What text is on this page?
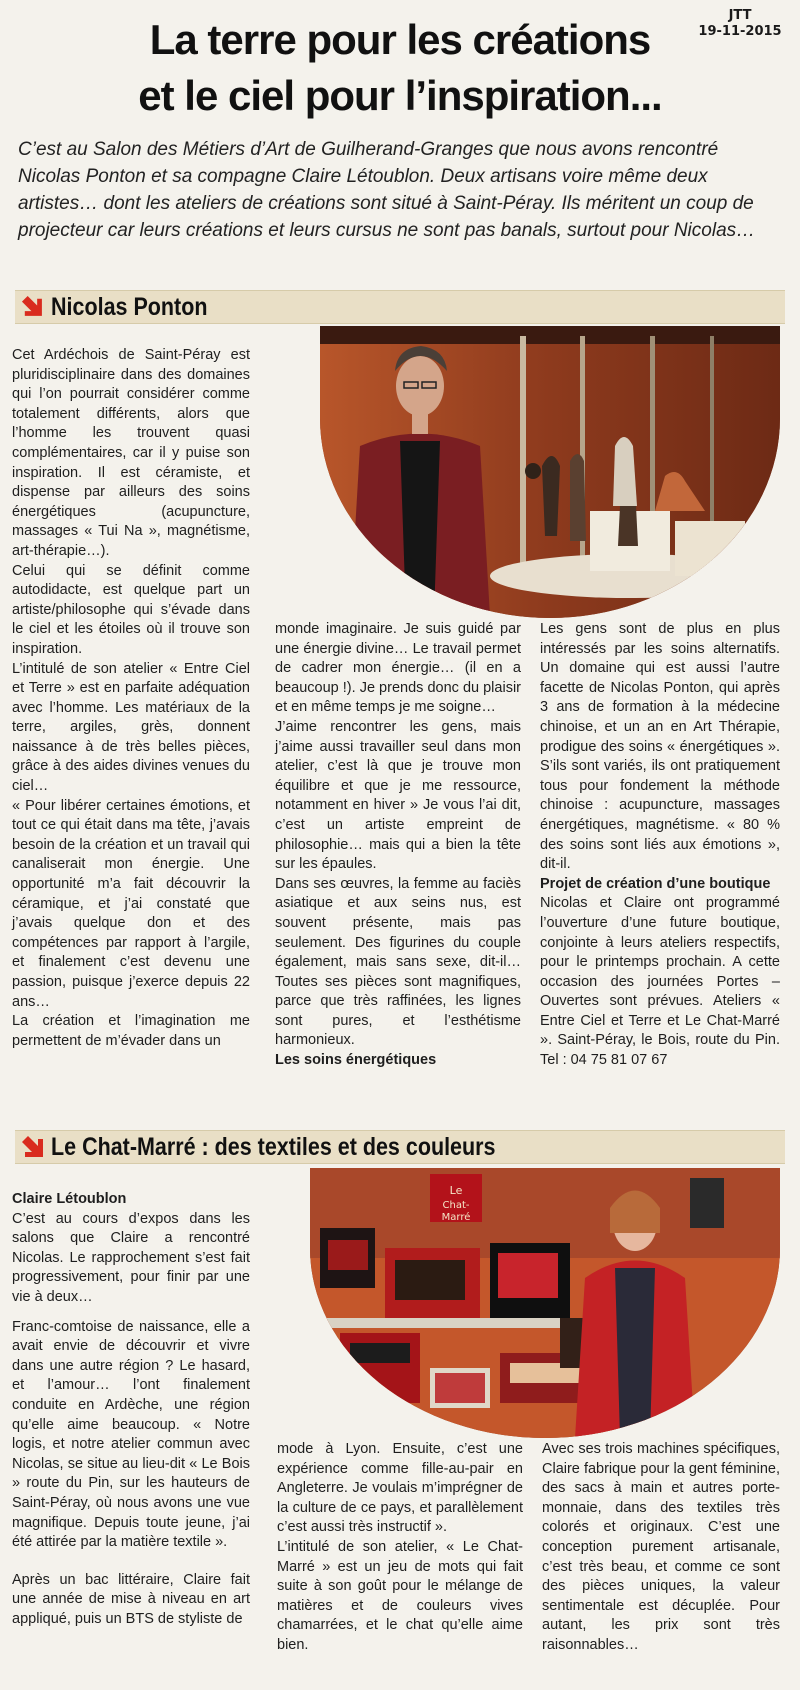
JTT
19-11-2015
La terre pour les créations
et le ciel pour l’inspiration...
C’est au Salon des Métiers d’Art de Guilherand-Granges que nous avons rencontré Nicolas Ponton et sa compagne Claire Létoublon. Deux artisans voire même deux artistes… dont les ateliers de créations sont situé à Saint-Péray. Ils méritent un coup de projecteur car leurs créations et leurs cursus ne sont pas banals, surtout pour Nicolas…
Nicolas Ponton

Cet Ardéchois de Saint-Péray est pluridisciplinaire dans des domaines qui l’on pourrait considérer comme totalement différents, alors que l’homme les trouvent quasi complémentaires, car il y puise son inspiration. Il est céramiste, et dispense par ailleurs des soins énergétiques (acupuncture, massages « Tui Na », magnétisme, art-thérapie…).

Celui qui se définit comme autodidacte, est quelque part un artiste/philosophe qui s’évade dans le ciel et les étoiles où il trouve son inspiration.

L’intitulé de son atelier « Entre Ciel et Terre » est en parfaite adéquation avec l’homme. Les matériaux de la terre, argiles, grès, donnent naissance à de très belles pièces, grâce à des aides divines venues du ciel…

« Pour libérer certaines émotions, et tout ce qui était dans ma tête, j’avais besoin de la création et un travail qui canaliserait mon énergie. Une opportunité m’a fait découvrir la céramique, et j’ai constaté que j’avais quelque don et des compétences par rapport à l’argile, et finalement c’est devenu une passion, puisque j’exerce depuis 22 ans…

La création et l’imagination me permettent de m’évader dans un

monde imaginaire. Je suis guidé par une énergie divine… Le travail permet de cadrer mon énergie… (il en a beaucoup !). Je prends donc du plaisir et en même temps je me soigne…

J’aime rencontrer les gens, mais j’aime aussi travailler seul dans mon atelier, c’est là que je trouve mon équilibre et que je me ressource, notamment en hiver » Je vous l’ai dit, c’est un artiste empreint de philosophie… mais qui a bien la tête sur les épaules.

Dans ses œuvres, la femme au faciès asiatique et aux seins nus, est souvent présente, mais pas seulement. Des figurines du couple également, mais sans sexe, dit-il… Toutes ses pièces sont magnifiques, parce que très raffinées, les lignes sont pures, et l’esthétisme harmonieux.

Les soins énergétiques

Les gens sont de plus en plus intéressés par les soins alternatifs. Un domaine qui est aussi l’autre facette de Nicolas Ponton, qui après 3 ans de formation à la médecine chinoise, et un an en Art Thérapie, prodigue des soins « énergétiques ». S’ils sont variés, ils ont pratiquement tous pour fondement la méthode chinoise : acupuncture, massages énergétiques, magnétisme. « 80 % des soins sont liés aux émotions », dit-il.

Projet de création d’une boutique

Nicolas et Claire ont programmé l’ouverture d’une future boutique, conjointe à leurs ateliers respectifs, pour le printemps prochain. A cette occasion des journées Portes – Ouvertes sont prévues. Ateliers « Entre Ciel et Terre et Le Chat-Marré ». Saint-Péray, le Bois, route du Pin. Tel : 04 75 81 07 67

Le Chat-Marré : des textiles et des couleurs
Le
Chat-
Marré

Claire Létoublon

C’est au cours d’expos dans les salons que Claire a rencontré Nicolas. Le rapprochement s’est fait progressivement, pour finir par une vie à deux…

Franc-comtoise de naissance, elle a avait envie de découvrir et vivre dans une autre région ? Le hasard, et l’amour… l’ont finalement conduite en Ardèche, une région qu’elle aime beaucoup. « Notre logis, et notre atelier commun avec Nicolas, se situe au lieu-dit « Le Bois » route du Pin, sur les hauteurs de Saint-Péray, où nous avons une vue magnifique. Depuis toute jeune, j’ai été attirée par la matière textile ».

Après un bac littéraire, Claire fait une année de mise à niveau en art appliqué, puis un BTS de styliste de

mode à Lyon. Ensuite, c’est une expérience comme fille-au-pair en Angleterre. Je voulais m’imprégner de la culture de ce pays, et parallèlement c’est aussi très instructif ».

L’intitulé de son atelier, « Le Chat-Marré » est un jeu de mots qui fait suite à son goût pour le mélange de matières et de couleurs vives chamarrées, et le chat qu’elle aime bien.

Avec ses trois machines spécifiques, Claire fabrique pour la gent féminine, des sacs à main et autres porte-monnaie, dans des textiles très colorés et originaux. C’est une conception purement artisanale, c’est très beau, et comme ce sont des pièces uniques, la valeur sentimentale est décuplée. Pour autant, les prix sont très raisonnables…
